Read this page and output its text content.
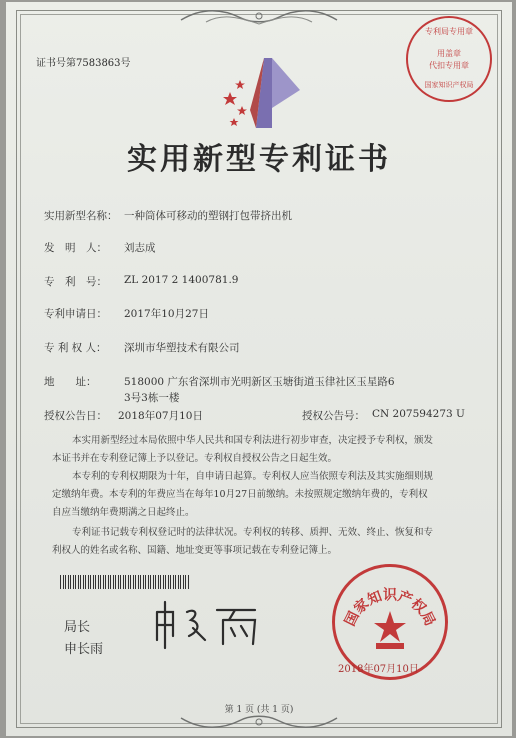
证书号第7583863号
专利局专用章
用盖章
代扣专用章
国家知识产权局
实用新型专利证书
实用新型名称： 一种筒体可移动的塑钢打包带挤出机
发　明　人： 刘志成
专　利　号： ZL 2017 2 1400781.9
专利申请日： 2017年10月27日
专 利 权 人： 深圳市华塑技术有限公司
地　　址：	518000 广东省深圳市光明新区玉塘街道玉律社区玉星路6
3号3栋一楼
授权公告日： 2018年07月10日	授权公告号： CN 207594273 U
本实用新型经过本局依照中华人民共和国专利法进行初步审查，决定授予专利权，颁发
本证书并在专利登记簿上予以登记。专利权自授权公告之日起生效。
本专利的专利权期限为十年，自申请日起算。专利权人应当依照专利法及其实施细则规
定缴纳年费。本专利的年费应当在每年10月27日前缴纳。未按照规定缴纳年费的，专利权
自应当缴纳年费期满之日起终止。
专利证书记载专利权登记时的法律状况。专利权的转移、质押、无效、终止、恢复和专
利权人的姓名或名称、国籍、地址变更等事项记载在专利登记簿上。
局长
申长雨
国家知识产权局
2018年07月10日
第 1 页 (共 1 页)
